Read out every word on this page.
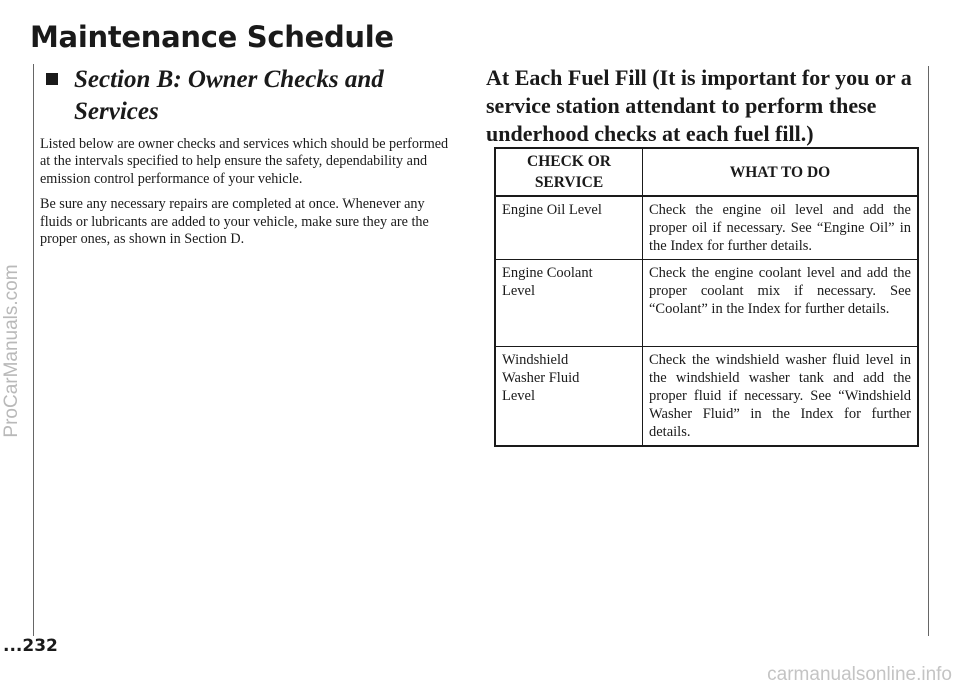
Maintenance Schedule
Section B: Owner Checks and
Services

Listed below are owner checks and services which should be performed at the intervals specified to help ensure the safety, dependability and emission control performance of your vehicle.

Be sure any necessary repairs are completed at once. Whenever any fluids or lubricants are added to your vehicle, make sure they are the proper ones, as shown in Section D.

At Each Fuel Fill (It is important for you or a service station attendant to perform these underhood checks at each fuel fill.)
CHECK OR
SERVICE	WHAT TO DO
Engine Oil Level	Check the engine oil level and add the proper oil if necessary. See “Engine Oil” in the Index for further details.
Engine Coolant
Level	Check the engine coolant level and add the proper coolant mix if necessary. See “Coolant” in the Index for further details.
Windshield
Washer Fluid
Level	Check the windshield washer fluid level in the windshield washer tank and add the proper fluid if necessary. See “Windshield Washer Fluid” in the Index for further details.
...232
ProCarManuals.com
carmanualsonline.info
